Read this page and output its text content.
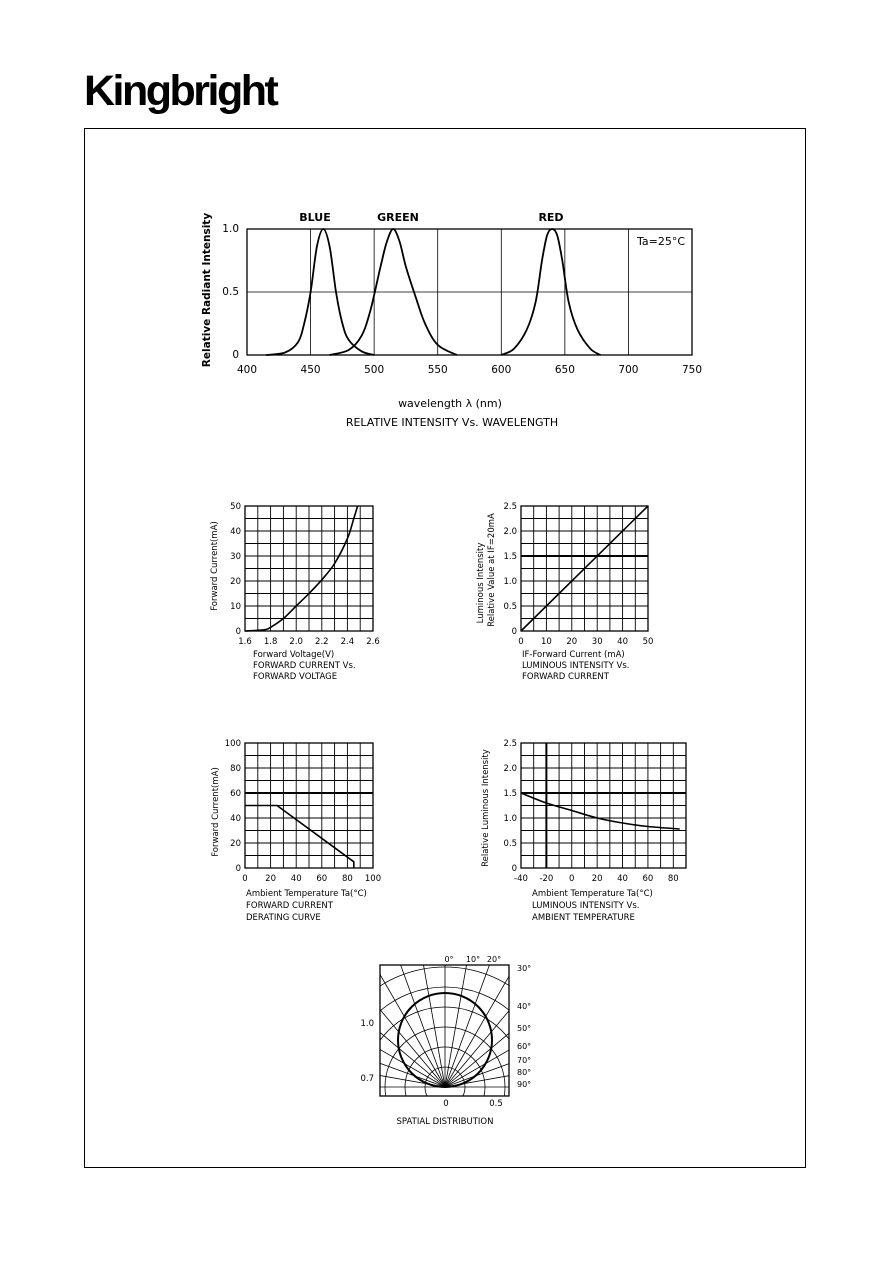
Kingbright
400	450	500	550	600	650	700	750
0
0.5
1.0
BLUE	GREEN	RED
Ta=25°C
Relative Radiant Intensity
wavelength λ (nm)
RELATIVE INTENSITY Vs. WAVELENGTH
1.6 1.8 2.0 2.2 2.4 2.6
0
10
20
30
40
50
Forward Current(mA)
Forward Voltage(V)
FORWARD CURRENT Vs.
FORWARD VOLTAGE
0 10 20 30 40 50
0
0.5
1.0
1.5
2.0
2.5
Luminous Intensity Relative Value at IF=20mA
IF-Forward Current (mA)
LUMINOUS INTENSITY Vs.
FORWARD CURRENT
0 20 40 60 80 100
0
20
40
60
80
100
Forward Current(mA)
Ambient Temperature Ta(°C)
FORWARD CURRENT
DERATING CURVE
-40 -20 0 20 40 60 80
0
0.5
1.0
1.5
2.0
2.5
Relative Luminous Intensity
Ambient Temperature Ta(°C)
LUMINOUS INTENSITY Vs.
AMBIENT TEMPERATURE
0° 10° 20°
30°
40°
50°
60°
70°
80°
90°
1.0
0.7
0	0.5
SPATIAL DISTRIBUTION
